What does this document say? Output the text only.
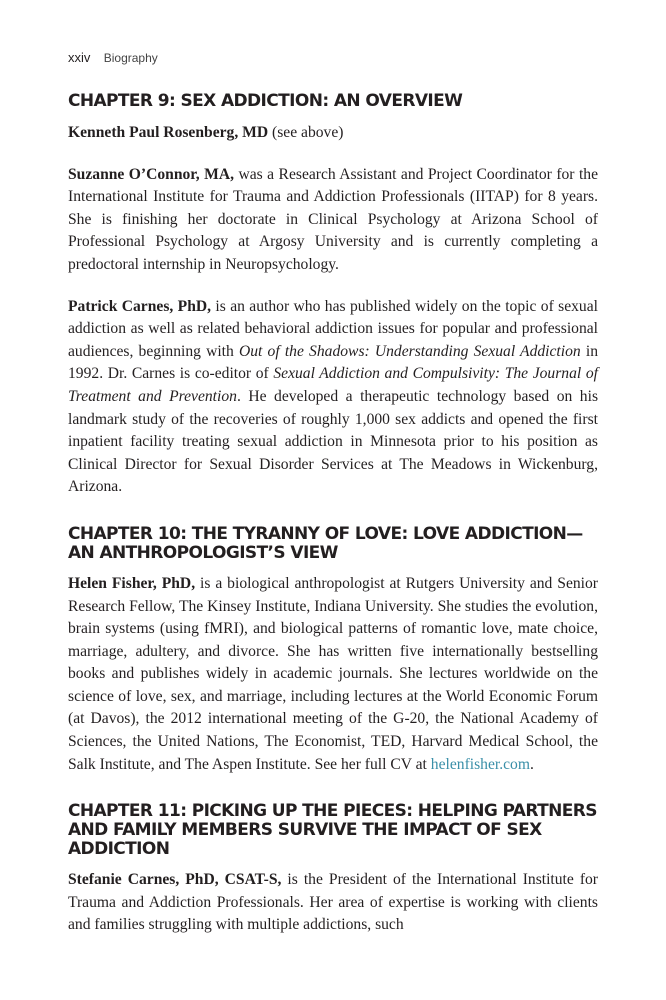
xxiv Biography
CHAPTER 9: SEX ADDICTION: AN OVERVIEW

Kenneth Paul Rosenberg, MD (see above)

Suzanne O’Connor, MA, was a Research Assistant and Project Coordinator for the International Institute for Trauma and Addiction Professionals (IITAP) for 8 years. She is finishing her doctorate in Clinical Psychology at Arizona School of Professional Psychology at Argosy University and is currently completing a predoctoral internship in Neuropsychology.

Patrick Carnes, PhD, is an author who has published widely on the topic of sexual addiction as well as related behavioral addiction issues for popular and professional audiences, beginning with Out of the Shadows: Understanding Sexual Addiction in 1992. Dr. Carnes is co-editor of Sexual Addiction and Compulsivity: The Journal of Treatment and Prevention. He developed a therapeutic technology based on his landmark study of the recoveries of roughly 1,000 sex addicts and opened the first inpatient facility treating sexual addiction in Minnesota prior to his position as Clinical Director for Sexual Disorder Services at The Meadows in Wickenburg, Arizona.

CHAPTER 10: THE TYRANNY OF LOVE: LOVE ADDICTION—AN ANTHROPOLOGIST’S VIEW

Helen Fisher, PhD, is a biological anthropologist at Rutgers University and Senior Research Fellow, The Kinsey Institute, Indiana University. She studies the evolution, brain systems (using fMRI), and biological patterns of romantic love, mate choice, marriage, adultery, and divorce. She has written five internationally bestselling books and publishes widely in academic journals. She lectures worldwide on the science of love, sex, and marriage, including lectures at the World Economic Forum (at Davos), the 2012 international meeting of the G-20, the National Academy of Sciences, the United Nations, The Economist, TED, Harvard Medical School, the Salk Institute, and The Aspen Institute. See her full CV at helenfisher.com.

CHAPTER 11: PICKING UP THE PIECES: HELPING PARTNERS AND FAMILY MEMBERS SURVIVE THE IMPACT OF SEX ADDICTION

Stefanie Carnes, PhD, CSAT-S, is the President of the International Institute for Trauma and Addiction Professionals. Her area of expertise is working with clients and families struggling with multiple addictions, such
